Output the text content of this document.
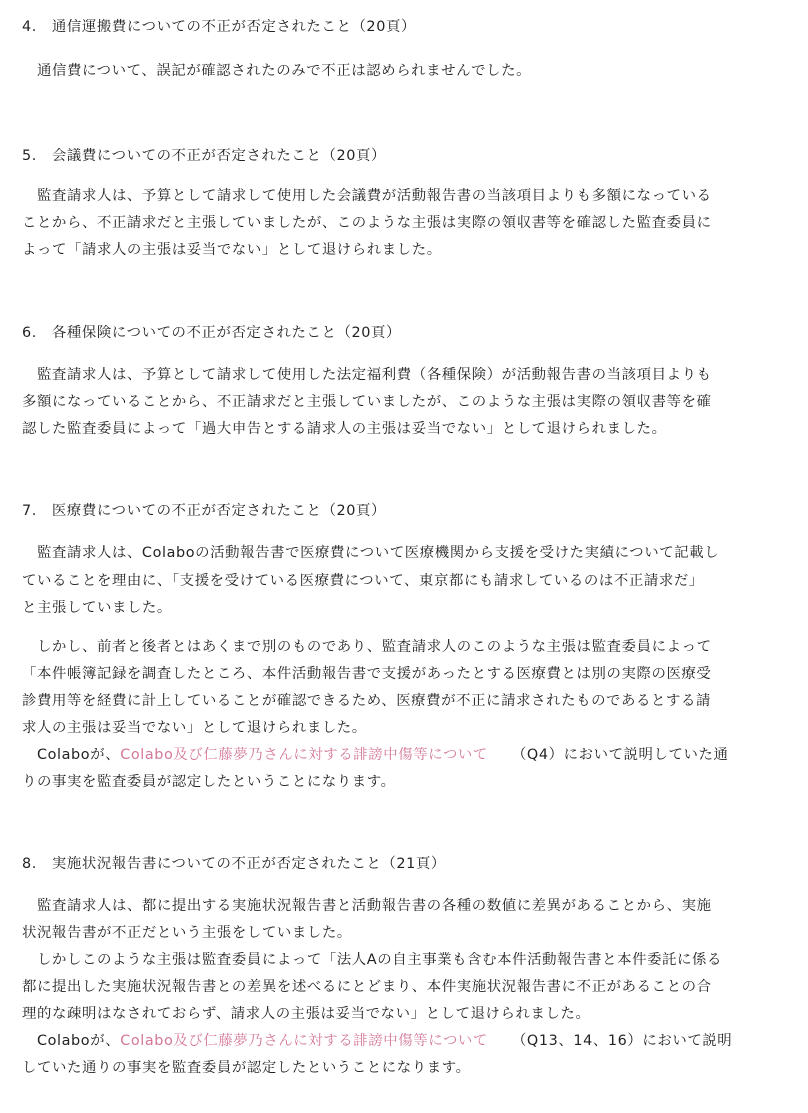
4.　通信運搬費についての不正が否定されたこと（20頁）
　通信費について、誤記が確認されたのみで不正は認められませんでした。
5.　会議費についての不正が否定されたこと（20頁）
　監査請求人は、予算として請求して使用した会議費が活動報告書の当該項目よりも多額になっている
ことから、不正請求だと主張していましたが、このような主張は実際の領収書等を確認した監査委員に
よって「請求人の主張は妥当でない」として退けられました。
6.　各種保険についての不正が否定されたこと（20頁）
　監査請求人は、予算として請求して使用した法定福利費（各種保険）が活動報告書の当該項目よりも
多額になっていることから、不正請求だと主張していましたが、このような主張は実際の領収書等を確
認した監査委員によって「過大申告とする請求人の主張は妥当でない」として退けられました。
7.　医療費についての不正が否定されたこと（20頁）
　監査請求人は、Colaboの活動報告書で医療費について医療機関から支援を受けた実績について記載し
ていることを理由に、「支援を受けている医療費について、東京都にも請求しているのは不正請求だ」
と主張していました。
　しかし、前者と後者とはあくまで別のものであり、監査請求人のこのような主張は監査委員によって
「本件帳簿記録を調査したところ、本件活動報告書で支援があったとする医療費とは別の実際の医療受
診費用等を経費に計上していることが確認できるため、医療費が不正に請求されたものであるとする請
求人の主張は妥当でない」として退けられました。
　Colaboが、Colabo及び仁藤夢乃さんに対する誹謗中傷等について （Q4）において説明していた通
りの事実を監査委員が認定したということになります。
8.　実施状況報告書についての不正が否定されたこと（21頁）
　監査請求人は、都に提出する実施状況報告書と活動報告書の各種の数値に差異があることから、実施
状況報告書が不正だという主張をしていました。
　しかしこのような主張は監査委員によって「法人Aの自主事業も含む本件活動報告書と本件委託に係る
都に提出した実施状況報告書との差異を述べるにとどまり、本件実施状況報告書に不正があることの合
理的な疎明はなされておらず、請求人の主張は妥当でない」として退けられました。
　Colaboが、Colabo及び仁藤夢乃さんに対する誹謗中傷等について （Q13、14、16）において説明
していた通りの事実を監査委員が認定したということになります。
